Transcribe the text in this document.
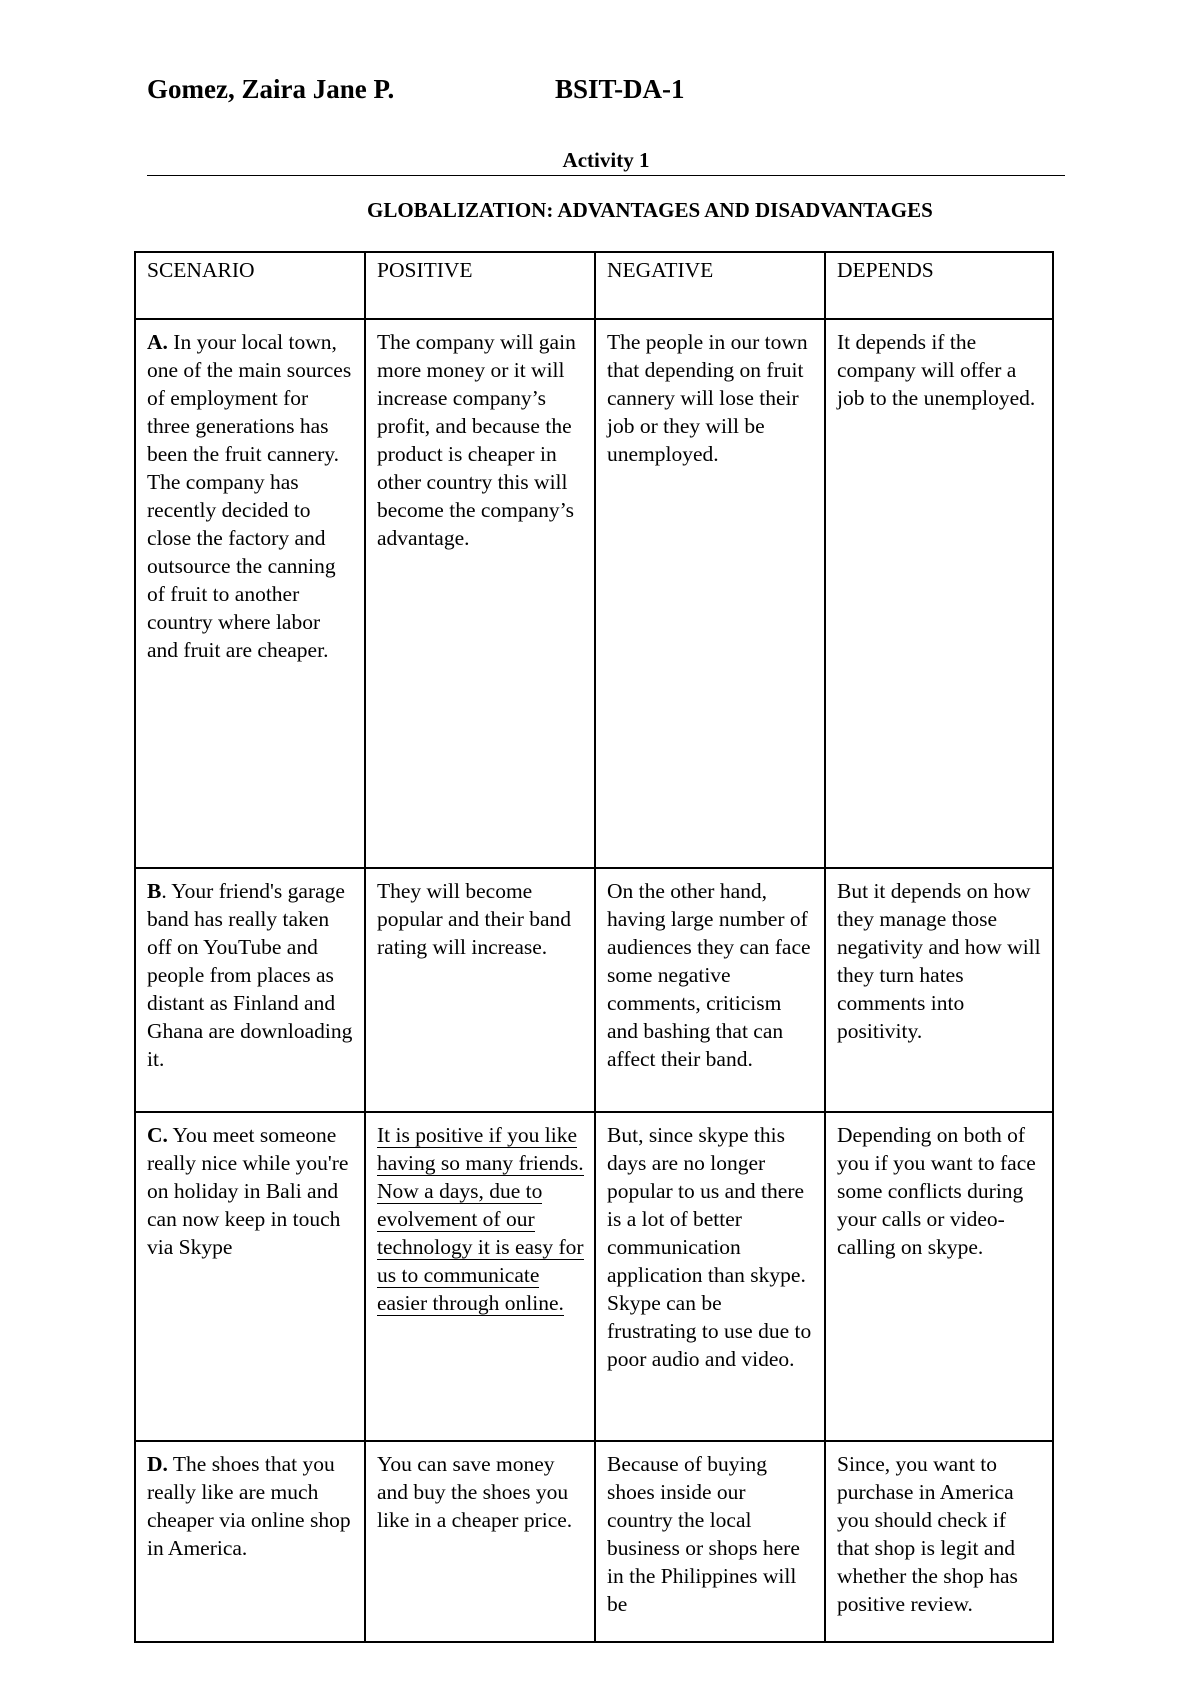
Gomez, Zaira Jane P.	BSIT-DA-1
Activity 1
GLOBALIZATION: ADVANTAGES AND DISADVANTAGES
SCENARIO	POSITIVE	NEGATIVE	DEPENDS
A. In your local town, one of the main sources of employment for three generations has been the fruit cannery. The company has recently decided to close the factory and outsource the canning of fruit to another country where labor and fruit are cheaper.	The company will gain more money or it will increase company’s profit, and because the product is cheaper in other country this will become the company’s advantage.	The people in our town that depending on fruit cannery will lose their job or they will be unemployed.	It depends if the company will offer a job to the unemployed.
B. Your friend's garage band has really taken off on YouTube and people from places as distant as Finland and Ghana are downloading it.	They will become popular and their band rating will increase.	On the other hand, having large number of audiences they can face some negative comments, criticism and bashing that can affect their band.	But it depends on how they manage those negativity and how will they turn hates comments into positivity.
C. You meet someone really nice while you're on holiday in Bali and can now keep in touch via Skype	It is positive if you like having so many friends. Now a days, due to evolvement of our technology it is easy for us to communicate easier through online.	But, since skype this days are no longer popular to us and there is a lot of better communication application than skype. Skype can be frustrating to use due to poor audio and video.	Depending on both of you if you want to face some conflicts during your calls or video-calling on skype.
D. The shoes that you really like are much cheaper via online shop in America.	You can save money and buy the shoes you like in a cheaper price.	Because of buying shoes inside our country the local business or shops here in the Philippines will be	Since, you want to purchase in America you should check if that shop is legit and whether the shop has positive review.
